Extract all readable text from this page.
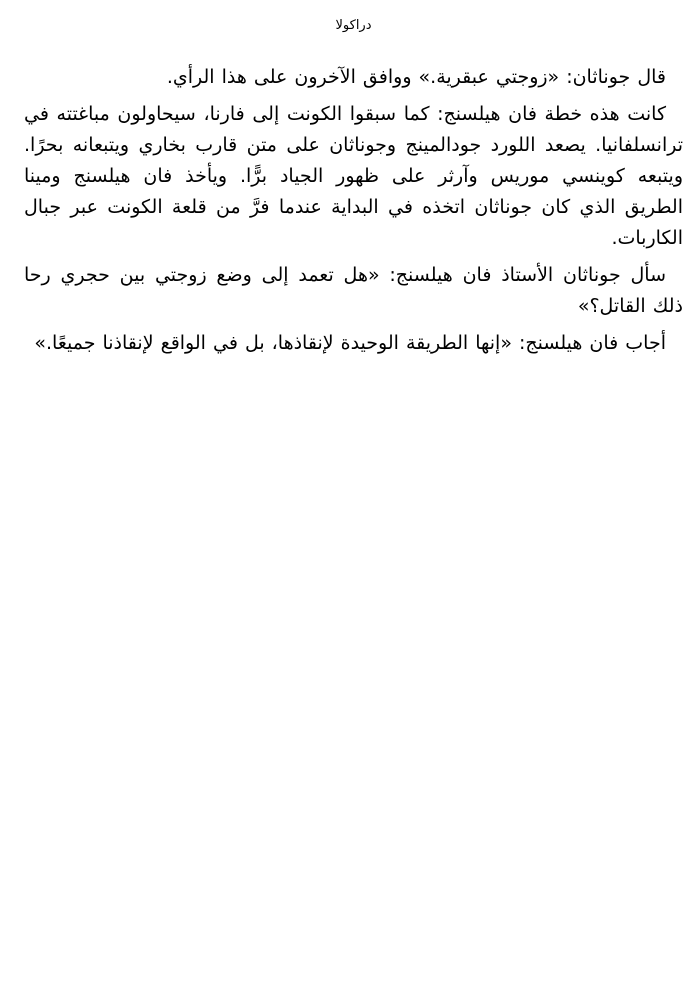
دراكولا

قال جوناثان: «زوجتي عبقرية.» ووافق الآخرون على هذا الرأي.

كانت هذه خطة فان هيلسنج: كما سبقوا الكونت إلى فارنا، سيحاولون مباغتته في ترانسلفانيا. يصعد اللورد جودالمينج وجوناثان على متن قارب بخاري ويتبعانه بحرًا. ويتبعه كوينسي موريس وآرثر على ظهور الجياد برًّا. ويأخذ فان هيلسنج ومينا الطريق الذي كان جوناثان اتخذه في البداية عندما فرَّ من قلعة الكونت عبر جبال الكاربات.

سأل جوناثان الأستاذ فان هيلسنج: «هل تعمد إلى وضع زوجتي بين حجري رحا ذلك القاتل؟»

أجاب فان هيلسنج: «إنها الطريقة الوحيدة لإنقاذها، بل في الواقع لإنقاذنا جميعًا.»
